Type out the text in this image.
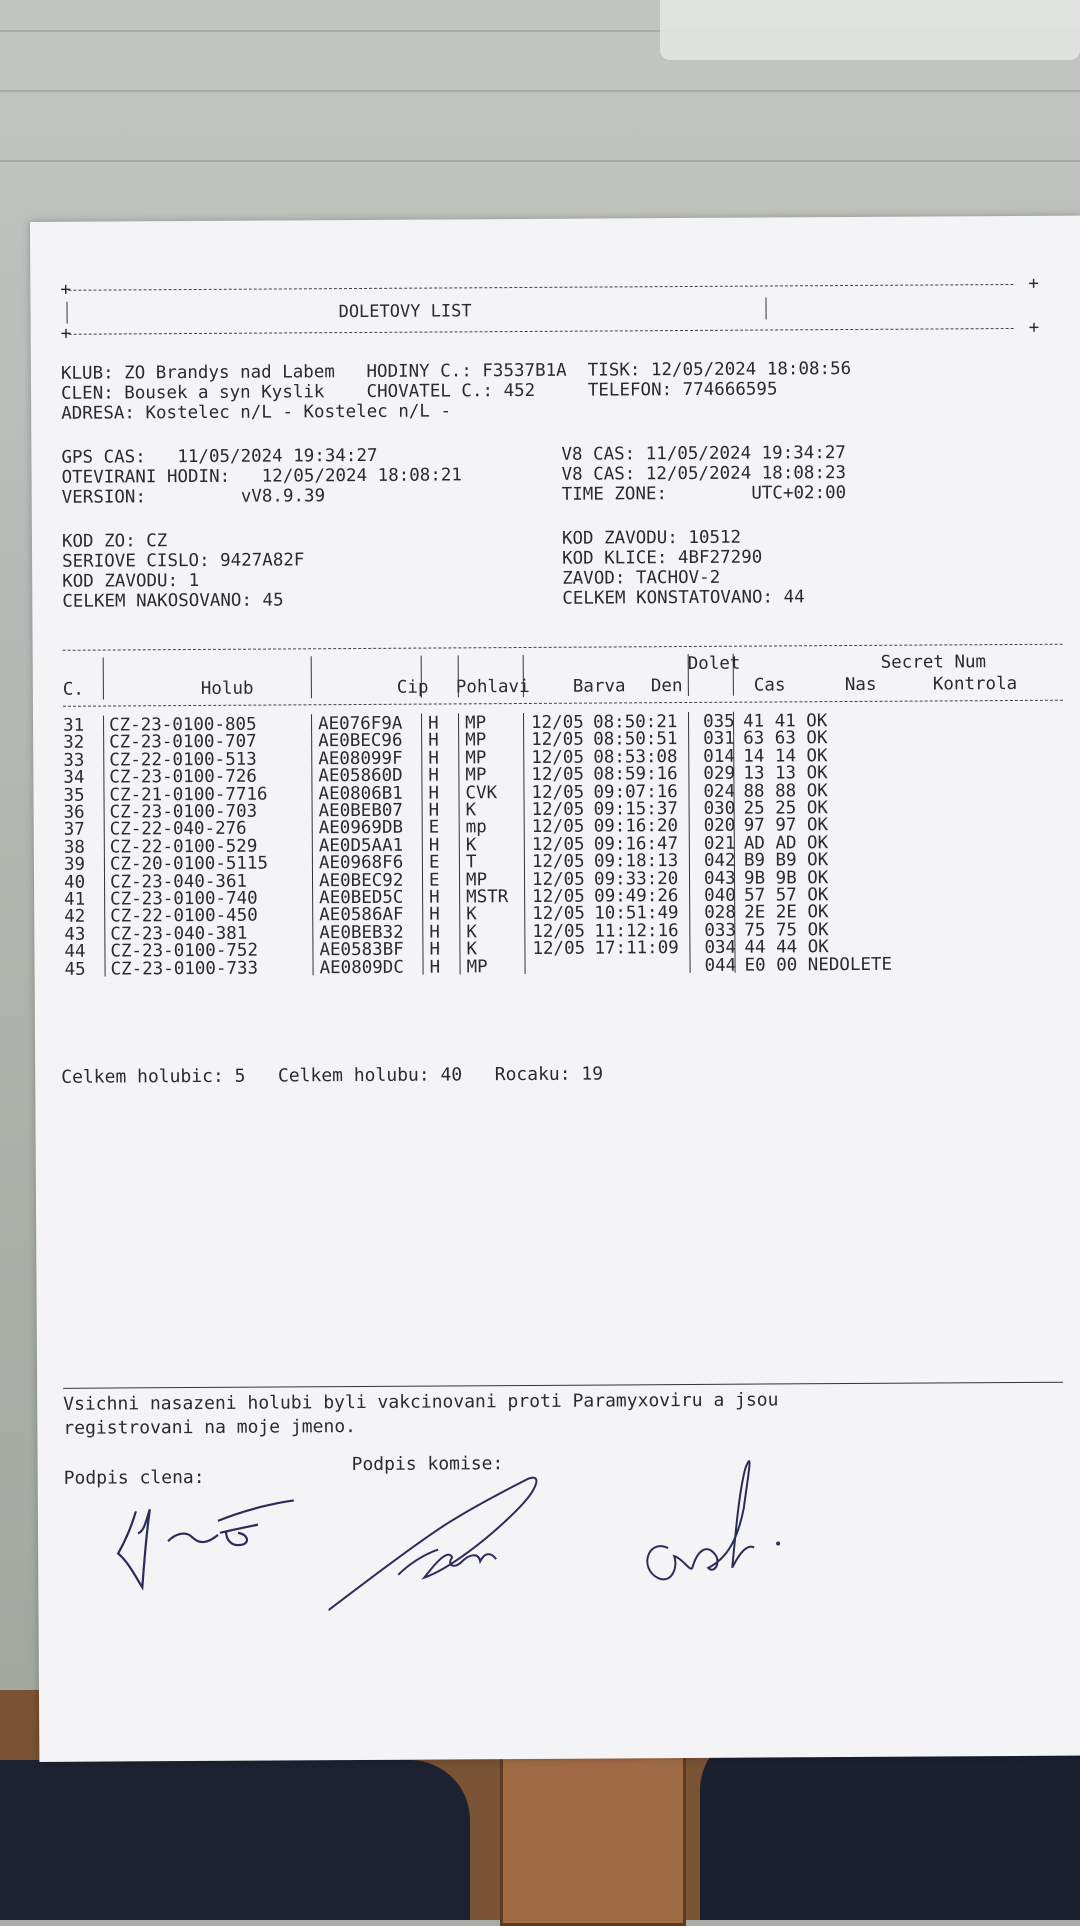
+	+
DOLETOVY LIST
+	+
KLUB: ZO Brandys nad Labem   HODINY C.: F3537B1A  TISK: 12/05/2024 18:08:56
CLEN: Bousek a syn Kyslik    CHOVATEL C.: 452     TELEFON: 774666595
ADRESA: Kostelec n/L - Kostelec n/L -
GPS CAS:   11/05/2024 19:34:27
OTEVIRANI HODIN:   12/05/2024 18:08:21
VERSION:         vV8.9.39
KOD ZO: CZ
SERIOVE CISLO: 9427A82F
KOD ZAVODU: 1
CELKEM NAKOSOVANO: 45
V8 CAS: 11/05/2024 19:34:27
V8 CAS: 12/05/2024 18:08:23
TIME ZONE:        UTC+02:00
KOD ZAVODU: 10512
KOD KLICE: 4BF27290
ZAVOD: TACHOV-2
CELKEM KONSTATOVANO: 44
Dolet	Secret Num
C.	Holub	Cip Pohlavi Barva Den	Cas	Nas	Kontrola
31 CZ-23-0100-805	AE076F9A H MP	12/05 08:50:21 035 41 41 OK
32 CZ-23-0100-707	AE0BEC96 H MP	12/05 08:50:51 031 63 63 OK
33 CZ-22-0100-513	AE08099F H MP	12/05 08:53:08 014 14 14 OK
34 CZ-23-0100-726	AE05860D H MP	12/05 08:59:16 029 13 13 OK
35 CZ-21-0100-7716	AE0806B1 H CVK 12/05 09:07:16 024 88 88 OK
36 CZ-23-0100-703	AE0BEB07 H K	12/05 09:15:37 030 25 25 OK
37 CZ-22-040-276	AE0969DB E mp	12/05 09:16:20 020 97 97 OK
38 CZ-22-0100-529	AE0D5AA1 H K	12/05 09:16:47 021 AD AD OK
39 CZ-20-0100-5115	AE0968F6 E T	12/05 09:18:13 042 B9 B9 OK
40 CZ-23-040-361	AE0BEC92 E MP	12/05 09:33:20 043 9B 9B OK
41 CZ-23-0100-740	AE0BED5C H MSTR 12/05 09:49:26 040 57 57 OK
42 CZ-22-0100-450	AE0586AF H K	12/05 10:51:49 028 2E 2E OK
43 CZ-23-040-381	AE0BEB32 H K	12/05 11:12:16 033 75 75 OK
44 CZ-23-0100-752	AE0583BF H K	12/05 17:11:09 034 44 44 OK
45 CZ-23-0100-733	AE0809DC H MP	044 E0 00 NEDOLETE
Celkem holubic: 5   Celkem holubu: 40   Rocaku: 19
Vsichni nasazeni holubi byli vakcinovani proti Paramyxoviru a jsou
registrovani na moje jmeno.
Podpis clena:
Podpis komise:
